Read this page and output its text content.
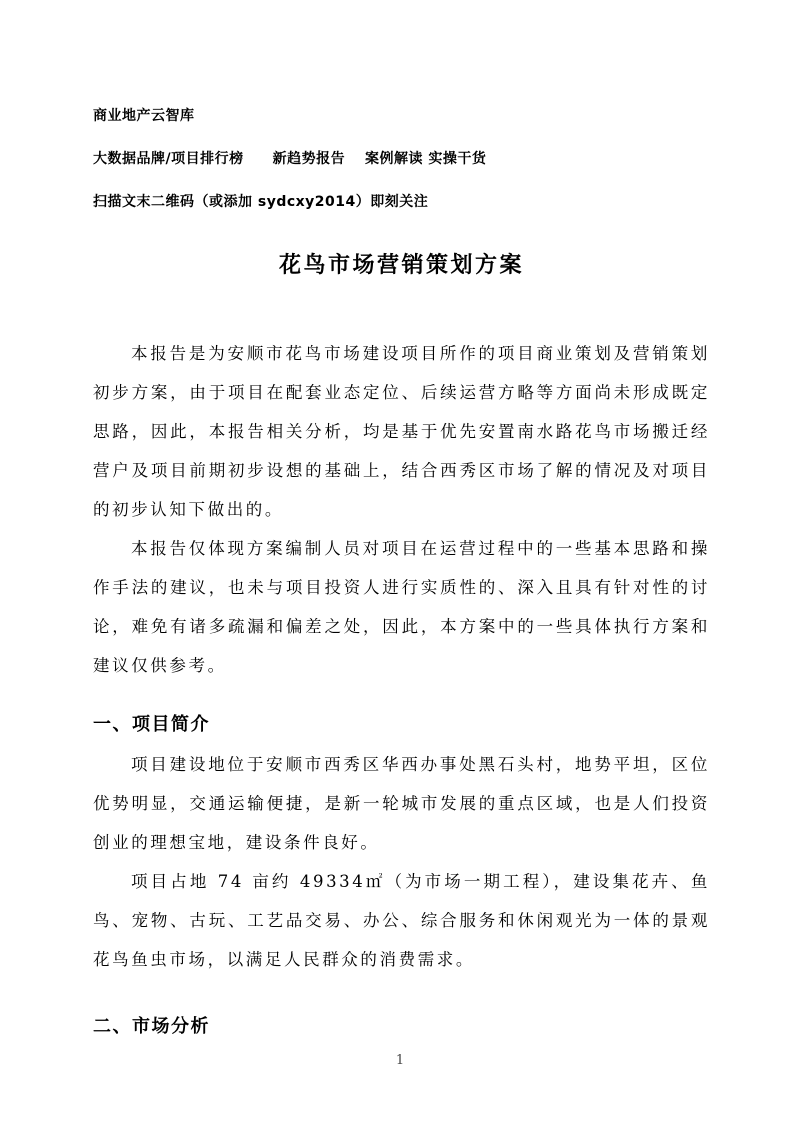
商业地产云智库

大数据品牌/项目排行榜　　新趋势报告　 案例解读 实操干货

扫描文末二维码（或添加 sydcxy2014）即刻关注

花鸟市场营销策划方案

本报告是为安顺市花鸟市场建设项目所作的项目商业策划及营销策划初步方案，由于项目在配套业态定位、后续运营方略等方面尚未形成既定思路，因此，本报告相关分析，均是基于优先安置南水路花鸟市场搬迁经营户及项目前期初步设想的基础上，结合西秀区市场了解的情况及对项目的初步认知下做出的。

本报告仅体现方案编制人员对项目在运营过程中的一些基本思路和操作手法的建议，也未与项目投资人进行实质性的、深入且具有针对性的讨论，难免有诸多疏漏和偏差之处，因此，本方案中的一些具体执行方案和建议仅供参考。

一、项目简介

项目建设地位于安顺市西秀区华西办事处黑石头村，地势平坦，区位优势明显，交通运输便捷，是新一轮城市发展的重点区域，也是人们投资创业的理想宝地，建设条件良好。

项目占地 74 亩约 49334㎡（为市场一期工程），建设集花卉、鱼鸟、宠物、古玩、工艺品交易、办公、综合服务和休闲观光为一体的景观花鸟鱼虫市场，以满足人民群众的消费需求。

二、市场分析
1
